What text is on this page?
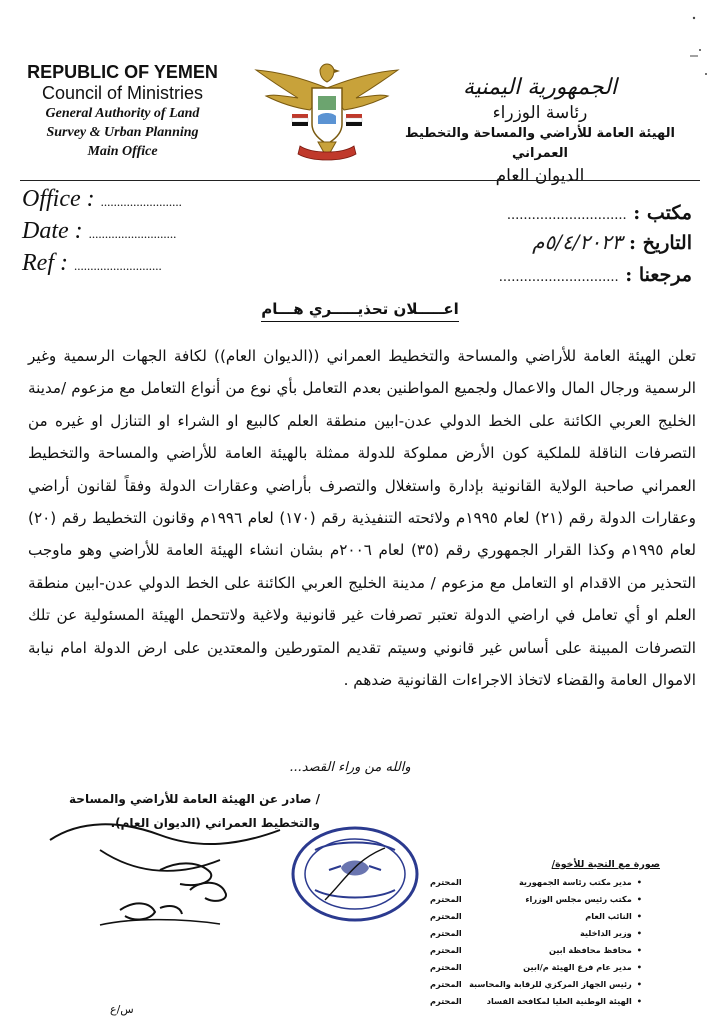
REPUBLIC OF YEMEN
Council of Ministries
General Authority of Land
Survey & Urban Planning
Main Office
الجمهورية اليمنية
رئاسة الوزراء
الهيئة العامة للأراضي والمساحة والتخطيط العمراني
الديوان العام
Office : .........................
Date : ...........................
Ref : ...........................
مكتب : .............................
التاريخ : ٥/٤/٢٠٢٣م
مرجعنا : .............................
اعـــــلان تحذيـــــري هـــام

تعلن الهيئة العامة للأراضي والمساحة والتخطيط العمراني ((الديوان العام)) لكافة الجهات الرسمية وغير الرسمية ورجال المال والاعمال ولجميع المواطنين بعدم التعامل بأي نوع من أنواع التعامل مع مزعوم /مدينة الخليج العربي الكائنة على الخط الدولي عدن-ابين منطقة العلم كالبيع او الشراء او التنازل او غيره من التصرفات الناقلة للملكية كون الأرض مملوكة للدولة ممثلة بالهيئة العامة للأراضي والمساحة والتخطيط العمراني صاحبة الولاية القانونية بإدارة واستغلال والتصرف بأراضي وعقارات الدولة وفقاً لقانون أراضي وعقارات الدولة رقم (٢١) لعام ١٩٩٥م ولائحته التنفيذية رقم (١٧٠) لعام ١٩٩٦م وقانون التخطيط رقم (٢٠) لعام ١٩٩٥م وكذا القرار الجمهوري رقم (٣٥) لعام ٢٠٠٦م بشان انشاء الهيئة العامة للأراضي وهو ماوجب التحذير من الاقدام او التعامل مع مزعوم / مدينة الخليج العربي الكائنة على الخط الدولي عدن-ابين منطقة العلم او أي تعامل في اراضي الدولة تعتبر تصرفات غير قانونية ولاغية ولاتتحمل الهيئة المسئولية عن تلك التصرفات المبينة على أساس غير قانوني وسيتم تقديم المتورطين والمعتدين على ارض الدولة امام نيابة الاموال العامة والقضاء لاتخاذ الاجراءات القانونية ضدهم .

والله من وراء القصد...
/ صادر عن الهيئة العامة للأراضي والمساحة
والتخطيط العمراني (الديوان العام).
صورة مع التحية للأخوة/
• مدير مكتب رئاسة الجمهورية
المحترم
• مكتب رئيس مجلس الوزراء
المحترم
• النائب العام
المحترم
• وزير الداخلية
المحترم
• محافظ محافظة ابين
المحترم
• مدير عام فرع الهيئة م/ابين
المحترم
• رئيس الجهاز المركزي للرقابة والمحاسبة
المحترم
• الهيئة الوطنية العليا لمكافحة الفساد
المحترم
س/ع
